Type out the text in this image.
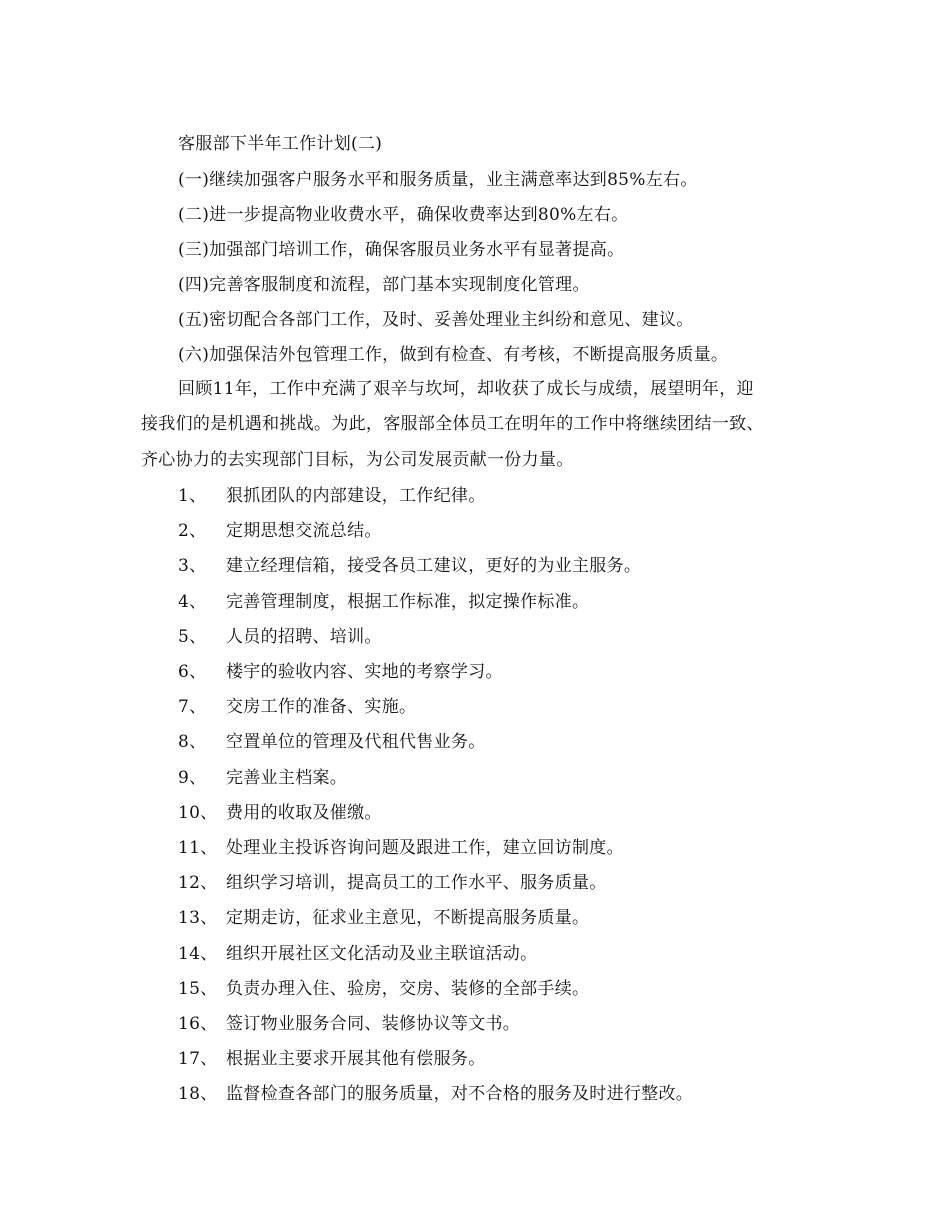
客服部下半年工作计划(二)
(一)继续加强客户服务水平和服务质量，业主满意率达到85%左右。
(二)进一步提高物业收费水平，确保收费率达到80%左右。
(三)加强部门培训工作，确保客服员业务水平有显著提高。
(四)完善客服制度和流程，部门基本实现制度化管理。
(五)密切配合各部门工作，及时、妥善处理业主纠纷和意见、建议。
(六)加强保洁外包管理工作，做到有检查、有考核，不断提高服务质量。
回顾11年，工作中充满了艰辛与坎坷，却收获了成长与成绩，展望明年，迎
接我们的是机遇和挑战。为此，客服部全体员工在明年的工作中将继续团结一致、
齐心协力的去实现部门目标，为公司发展贡献一份力量。
1、 狠抓团队的内部建设，工作纪律。
2、 定期思想交流总结。
3、 建立经理信箱，接受各员工建议，更好的为业主服务。
4、 完善管理制度，根据工作标准，拟定操作标准。
5、 人员的招聘、培训。
6、 楼宇的验收内容、实地的考察学习。
7、 交房工作的准备、实施。
8、 空置单位的管理及代租代售业务。
9、 完善业主档案。
10、 费用的收取及催缴。
11、 处理业主投诉咨询问题及跟进工作，建立回访制度。
12、 组织学习培训，提高员工的工作水平、服务质量。
13、 定期走访，征求业主意见，不断提高服务质量。
14、 组织开展社区文化活动及业主联谊活动。
15、 负责办理入住、验房，交房、装修的全部手续。
16、 签订物业服务合同、装修协议等文书。
17、 根据业主要求开展其他有偿服务。
18、 监督检查各部门的服务质量，对不合格的服务及时进行整改。
